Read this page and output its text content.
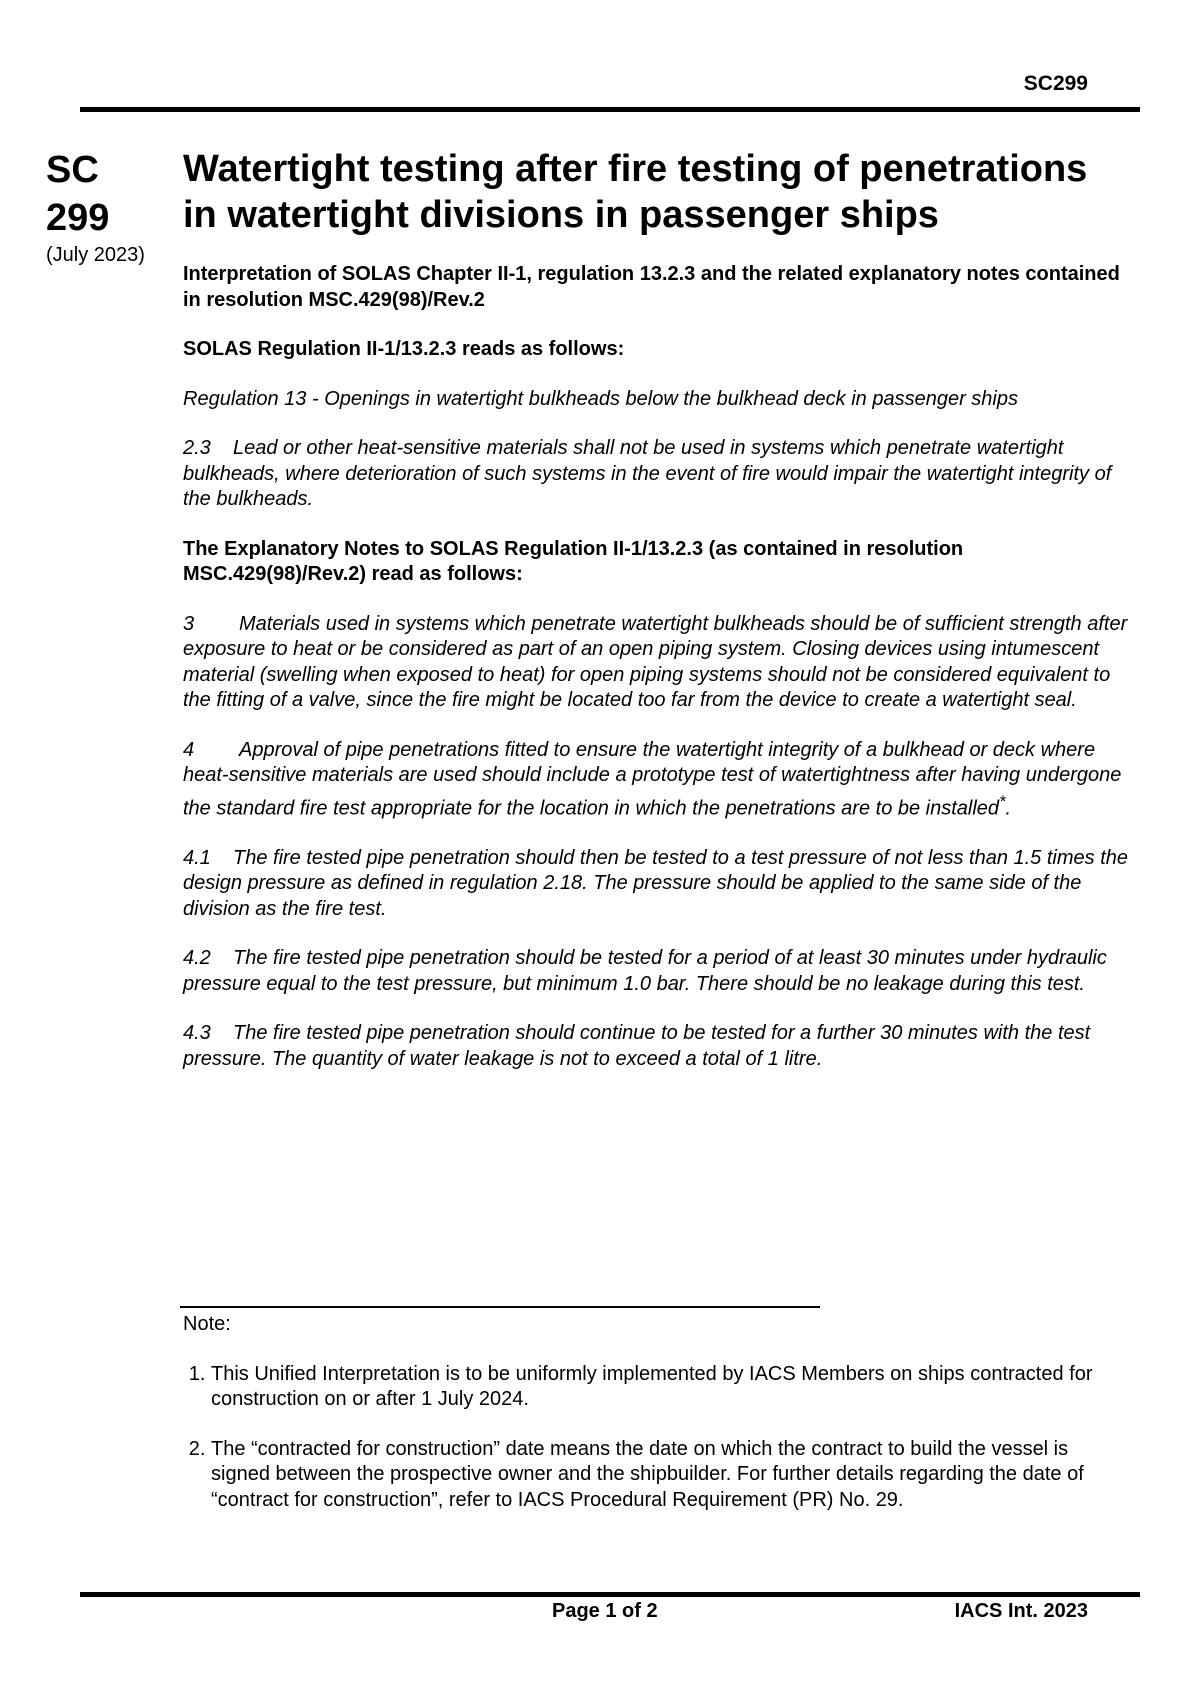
SC299
SC
299
(July 2023)
Watertight testing after fire testing of penetrations in watertight divisions in passenger ships

Interpretation of SOLAS Chapter II-1, regulation 13.2.3 and the related explanatory notes contained in resolution MSC.429(98)/Rev.2

SOLAS Regulation II-1/13.2.3 reads as follows:

Regulation 13 - Openings in watertight bulkheads below the bulkhead deck in passenger ships

2.3 Lead or other heat-sensitive materials shall not be used in systems which penetrate watertight bulkheads, where deterioration of such systems in the event of fire would impair the watertight integrity of the bulkheads.

The Explanatory Notes to SOLAS Regulation II-1/13.2.3 (as contained in resolution MSC.429(98)/Rev.2) read as follows:

3 Materials used in systems which penetrate watertight bulkheads should be of sufficient strength after exposure to heat or be considered as part of an open piping system. Closing devices using intumescent material (swelling when exposed to heat) for open piping systems should not be considered equivalent to the fitting of a valve, since the fire might be located too far from the device to create a watertight seal.

4 Approval of pipe penetrations fitted to ensure the watertight integrity of a bulkhead or deck where heat-sensitive materials are used should include a prototype test of watertightness after having undergone the standard fire test appropriate for the location in which the penetrations are to be installed*.

4.1 The fire tested pipe penetration should then be tested to a test pressure of not less than 1.5 times the design pressure as defined in regulation 2.18. The pressure should be applied to the same side of the division as the fire test.

4.2 The fire tested pipe penetration should be tested for a period of at least 30 minutes under hydraulic pressure equal to the test pressure, but minimum 1.0 bar. There should be no leakage during this test.

4.3 The fire tested pipe penetration should continue to be tested for a further 30 minutes with the test pressure. The quantity of water leakage is not to exceed a total of 1 litre.

Note:
1. This Unified Interpretation is to be uniformly implemented by IACS Members on ships contracted for construction on or after 1 July 2024.
2. The “contracted for construction” date means the date on which the contract to build the vessel is signed between the prospective owner and the shipbuilder. For further details regarding the date of “contract for construction”, refer to IACS Procedural Requirement (PR) No. 29.
Page 1 of 2	IACS Int. 2023
